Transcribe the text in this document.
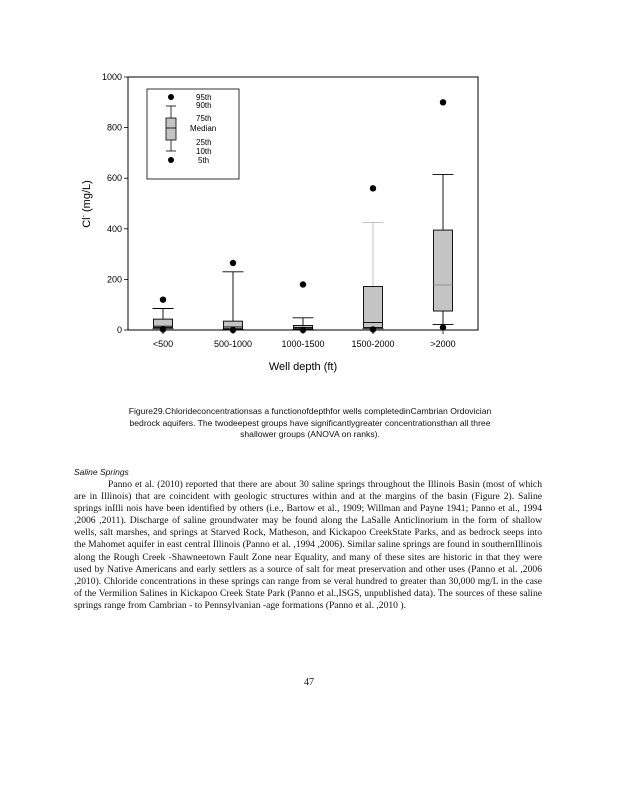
0
200
400
600
800
1000
<500	500-1000	1000-1500	1500-2000	>2000
95th
90th
75th
Median
25th
10th
5th
Cl- (mg/L)
Well depth (ft)
Figure29.Chlorideconcentrationsas a functionofdepthfor wells completedinCambrian Ordovician
bedrock aquifers. The twodeepest groups have significantlygreater concentrationsthan all three
shallower groups (ANOVA on ranks).
Saline Springs

Panno et al. (2010) reported that there are about 30 saline springs throughout the Illinois Basin (most of which are in Illinois) that are coincident with geologic structures within and at the margins of the basin (Figure 2). Saline springs inIlli nois have been identified by others (i.e., Bartow et al., 1909; Willman and Payne 1941; Panno et al., 1994 ,2006 ,2011). Discharge of saline groundwater may be found along the LaSalle Anticlinorium in the form of shallow wells, salt marshes, and springs at Starved Rock, Matheson, and Kickapoo CreekState Parks, and as bedrock seeps into the Mahomet aquifer in east central Illinois (Panno et al. ,1994 ,2006). Similar saline springs are found in southernIllinois along the Rough Creek -Shawneetown Fault Zone near Equality, and many of these sites are historic in that they were used by Native Americans and early settlers as a source of salt for meat preservation and other uses (Panno et al. ,2006 ,2010). Chloride concentrations in these springs can range from se veral hundred to greater than 30,000 mg/L in the case of the Vermilion Salines in Kickapoo Creek State Park (Panno et al.,ISGS, unpublished data). The sources of these saline springs range from Cambrian - to Pennsylvanian -age formations (Panno et al. ,2010 ).

47
